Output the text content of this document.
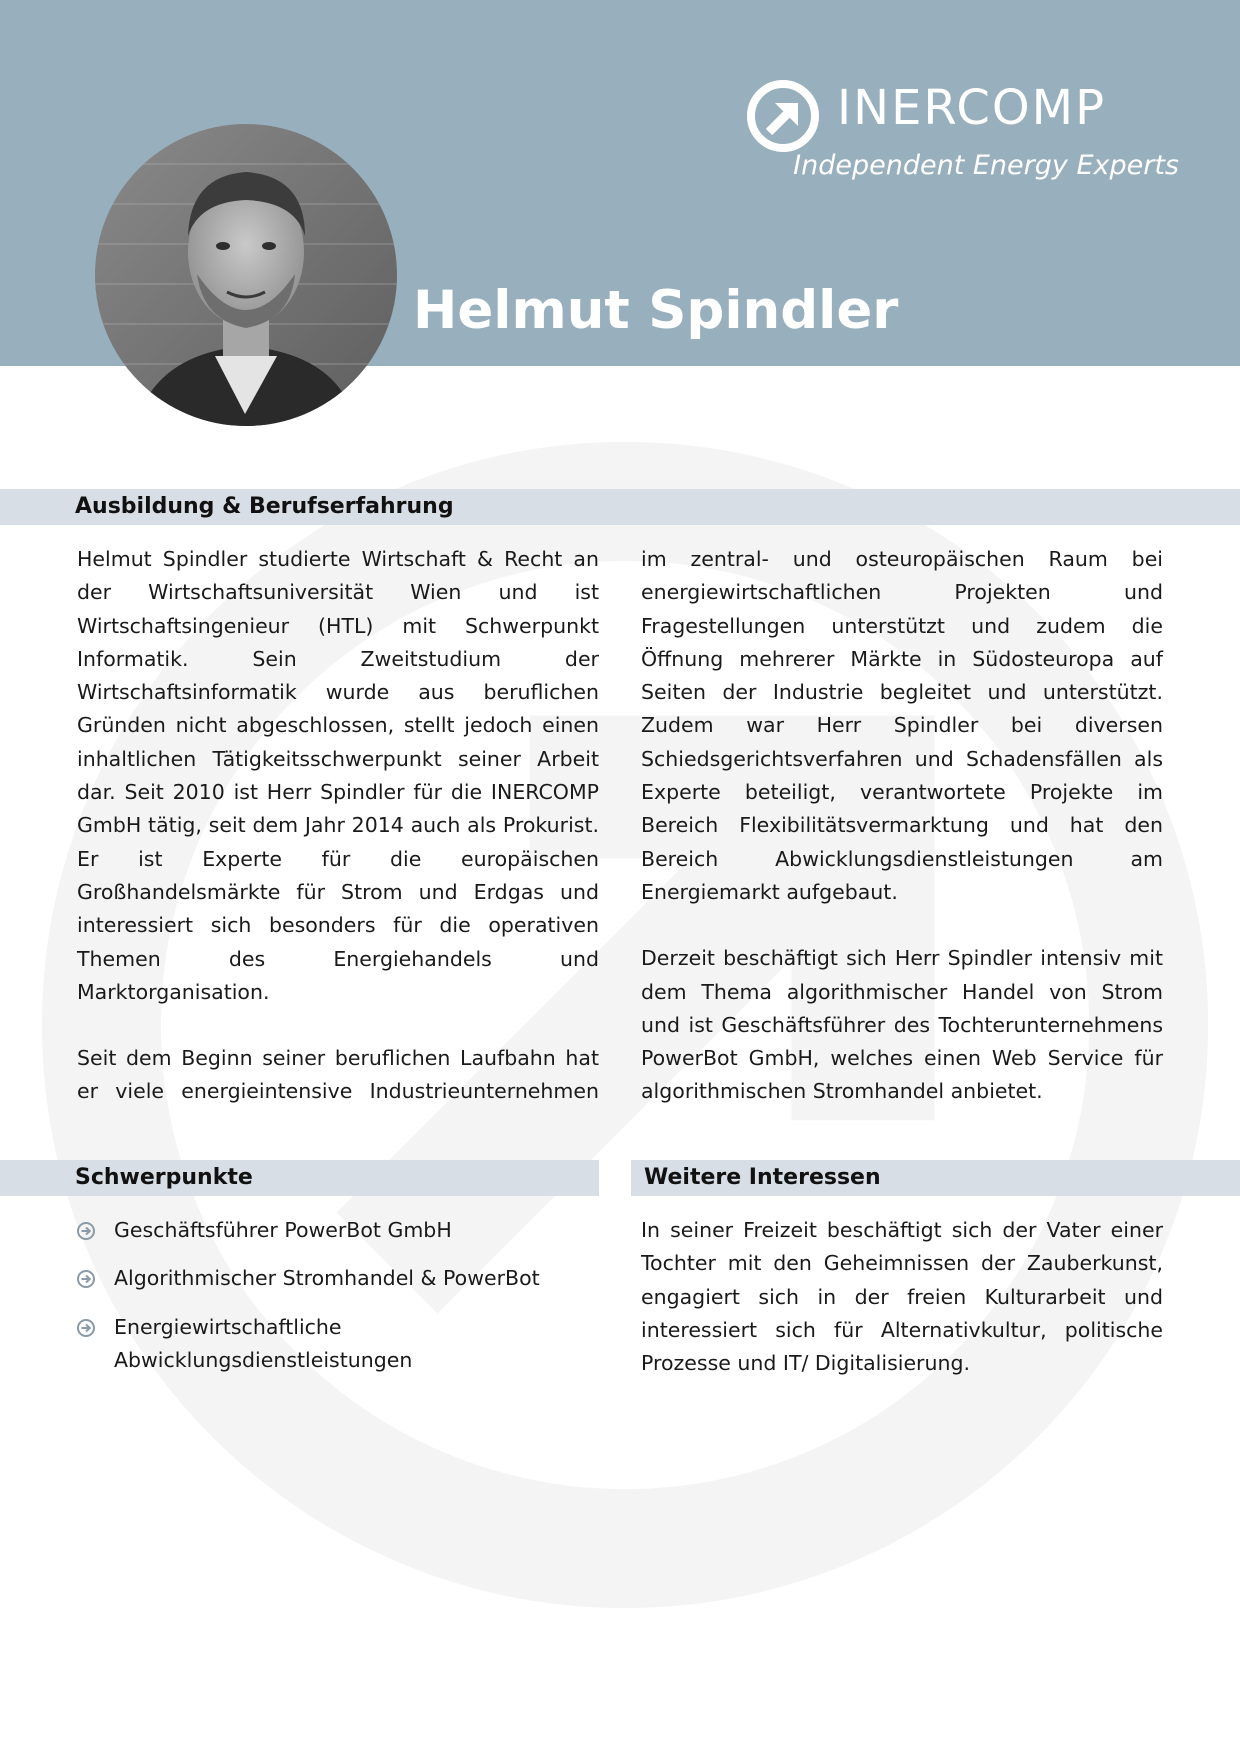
INERCOMP
Independent Energy Experts
Helmut Spindler
Ausbildung & Berufserfahrung

Helmut Spindler studierte Wirtschaft & Recht an der Wirtschaftsuniversität Wien und ist Wirtschaftsingenieur (HTL) mit Schwerpunkt Informatik. Sein Zweitstudium der Wirtschaftsinformatik wurde aus beruflichen Gründen nicht abgeschlossen, stellt jedoch einen inhaltlichen Tätigkeitsschwerpunkt seiner Arbeit dar. Seit 2010 ist Herr Spindler für die INERCOMP GmbH tätig, seit dem Jahr 2014 auch als Prokurist. Er ist Experte für die europäischen Großhandelsmärkte für Strom und Erdgas und interessiert sich besonders für die operativen Themen des Energiehandels und Marktorganisation.

Seit dem Beginn seiner beruflichen Laufbahn hat er viele energieintensive Industrieunternehmen

im zentral- und osteuropäischen Raum bei energiewirtschaftlichen Projekten und Fragestellungen unterstützt und zudem die Öffnung mehrerer Märkte in Südosteuropa auf Seiten der Industrie begleitet und unterstützt. Zudem war Herr Spindler bei diversen Schiedsgerichtsverfahren und Schadensfällen als Experte beteiligt, verantwortete Projekte im Bereich Flexibilitätsvermarktung und hat den Bereich Abwicklungsdienstleistungen am Energiemarkt aufgebaut.

Derzeit beschäftigt sich Herr Spindler intensiv mit dem Thema algorithmischer Handel von Strom und ist Geschäftsführer des Tochterunternehmens PowerBot GmbH, welches einen Web Service für algorithmischen Stromhandel anbietet.

Schwerpunkte
Geschäftsführer PowerBot GmbH
Algorithmischer Stromhandel & PowerBot
Energiewirtschaftliche Abwicklungsdienstleistungen
Weitere Interessen

In seiner Freizeit beschäftigt sich der Vater einer Tochter mit den Geheimnissen der Zauberkunst, engagiert sich in der freien Kulturarbeit und interessiert sich für Alternativkultur, politische Prozesse und IT/ Digitalisierung.
